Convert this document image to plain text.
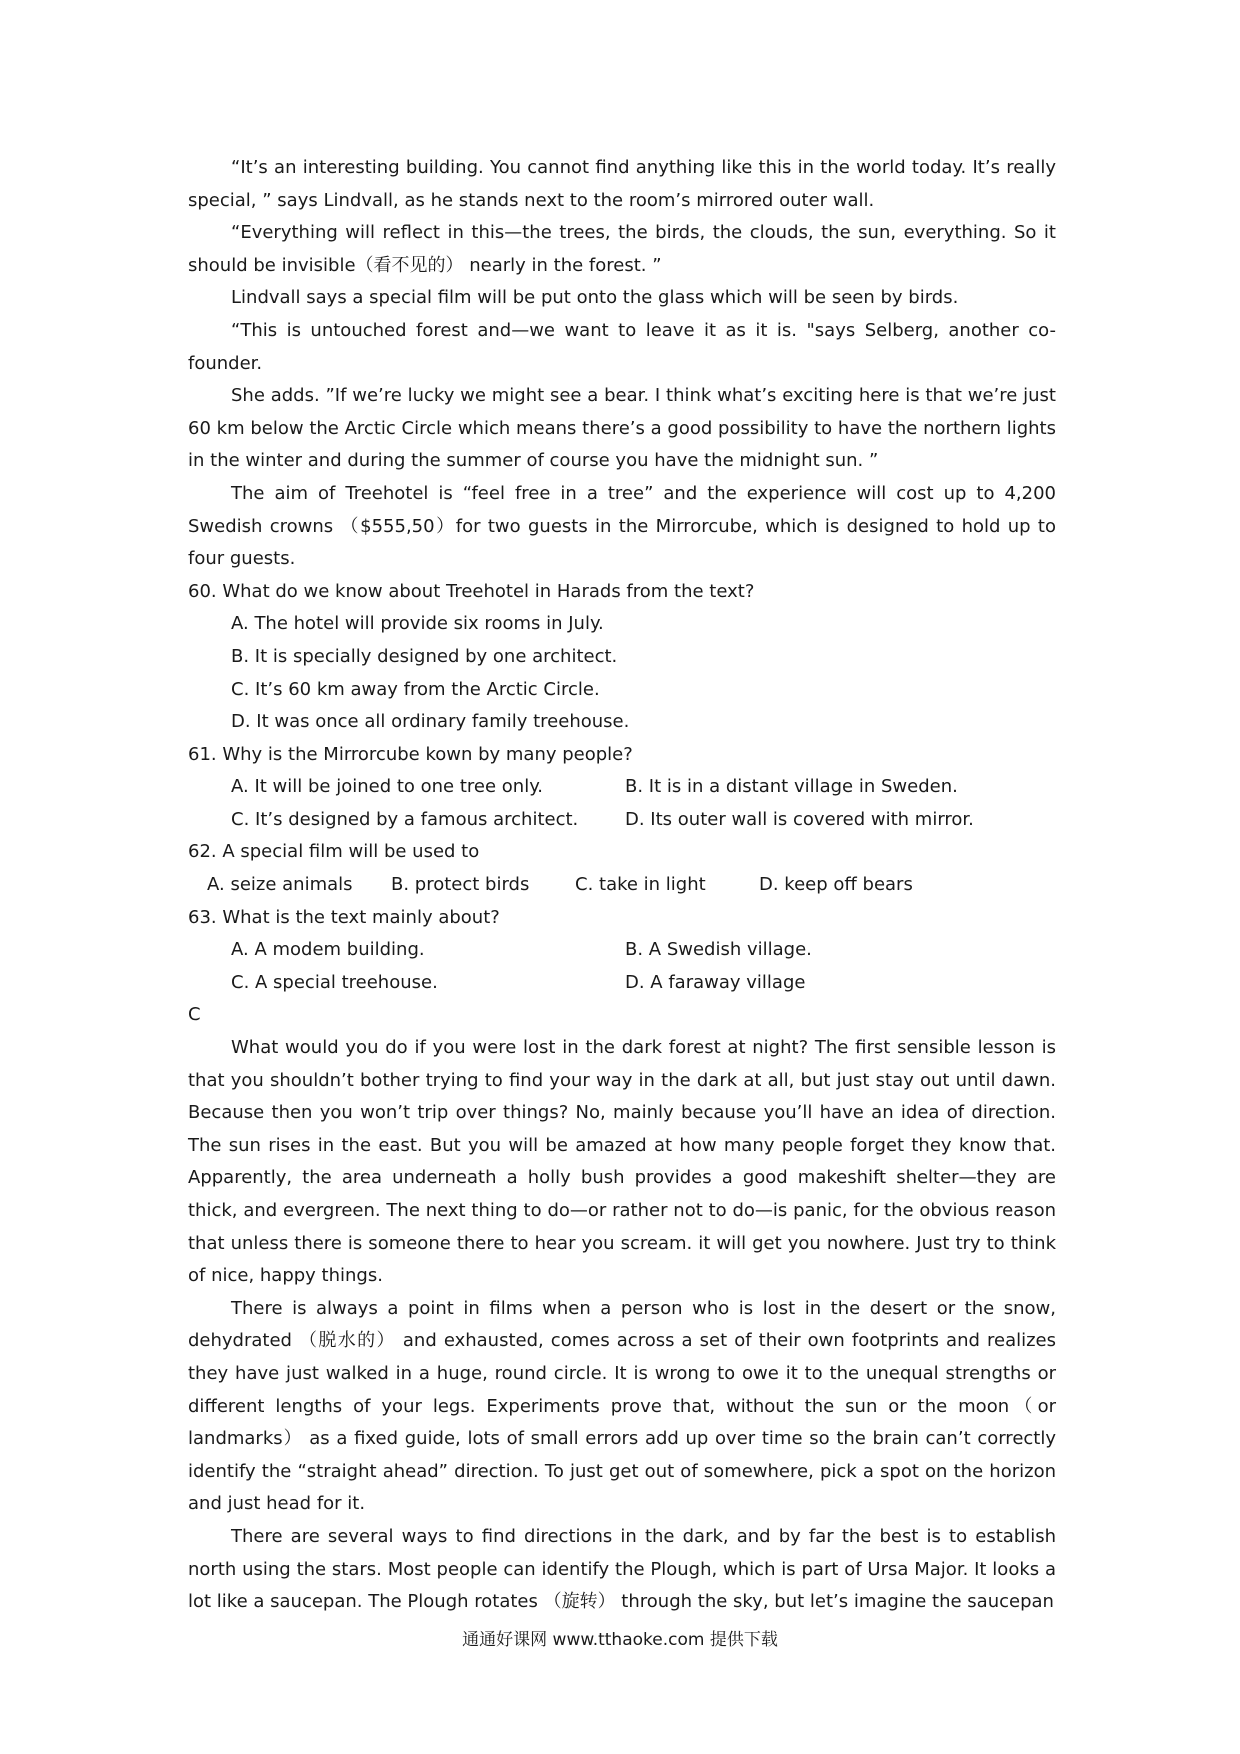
“It’s an interesting building. You cannot find anything like this in the world today. It’s really special, ” says Lindvall, as he stands next to the room’s mirrored outer wall.

“Everything will reflect in this—the trees, the birds, the clouds, the sun, everything. So it should be invisible（看不见的） nearly in the forest. ”

Lindvall says a special film will be put onto the glass which will be seen by birds.

“This is untouched forest and—we want to leave it as it is. "says Selberg, another co-founder.

She adds. ”If we’re lucky we might see a bear. I think what’s exciting here is that we’re just 60 km below the Arctic Circle which means there’s a good possibility to have the northern lights in the winter and during the summer of course you have the midnight sun. ”

The aim of Treehotel is “feel free in a tree” and the experience will cost up to 4,200 Swedish crowns （$555,50）for two guests in the Mirrorcube, which is designed to hold up to four guests.

60. What do we know about Treehotel in Harads from the text?

A. The hotel will provide six rooms in July.

B. It is specially designed by one architect.

C. It’s 60 km away from the Arctic Circle.

D. It was once all ordinary family treehouse.

61. Why is the Mirrorcube kown by many people?

A. It will be joined to one tree only.	B. It is in a distant village in Sweden.
C. It’s designed by a famous architect.	D. Its outer wall is covered with mirror.

62. A special film will be used to

A. seize animals	B. protect birds	C. take in light	D. keep off bears

63. What is the text mainly about?

A. A modem building.	B. A Swedish village.
C. A special treehouse.	D. A faraway village

C

What would you do if you were lost in the dark forest at night? The first sensible lesson is that you shouldn’t bother trying to find your way in the dark at all, but just stay out until dawn. Because then you won’t trip over things? No, mainly because you’ll have an idea of direction. The sun rises in the east. But you will be amazed at how many people forget they know that. Apparently, the area underneath a holly bush provides a good makeshift shelter—they are thick, and evergreen. The next thing to do—or rather not to do—is panic, for the obvious reason that unless there is someone there to hear you scream. it will get you nowhere. Just try to think of nice, happy things.

There is always a point in films when a person who is lost in the desert or the snow, dehydrated （脱水的） and exhausted, comes across a set of their own footprints and realizes they have just walked in a huge, round circle. It is wrong to owe it to the unequal strengths or different lengths of your legs. Experiments prove that, without the sun or the moon（or landmarks） as a fixed guide, lots of small errors add up over time so the brain can’t correctly identify the “straight ahead” direction. To just get out of somewhere, pick a spot on the horizon and just head for it.

There are several ways to find directions in the dark, and by far the best is to establish north using the stars. Most people can identify the Plough, which is part of Ursa Major. It looks a lot like a saucepan. The Plough rotates （旋转） through the sky, but let’s imagine the saucepan

通通好课网 www.tthaoke.com 提供下载
